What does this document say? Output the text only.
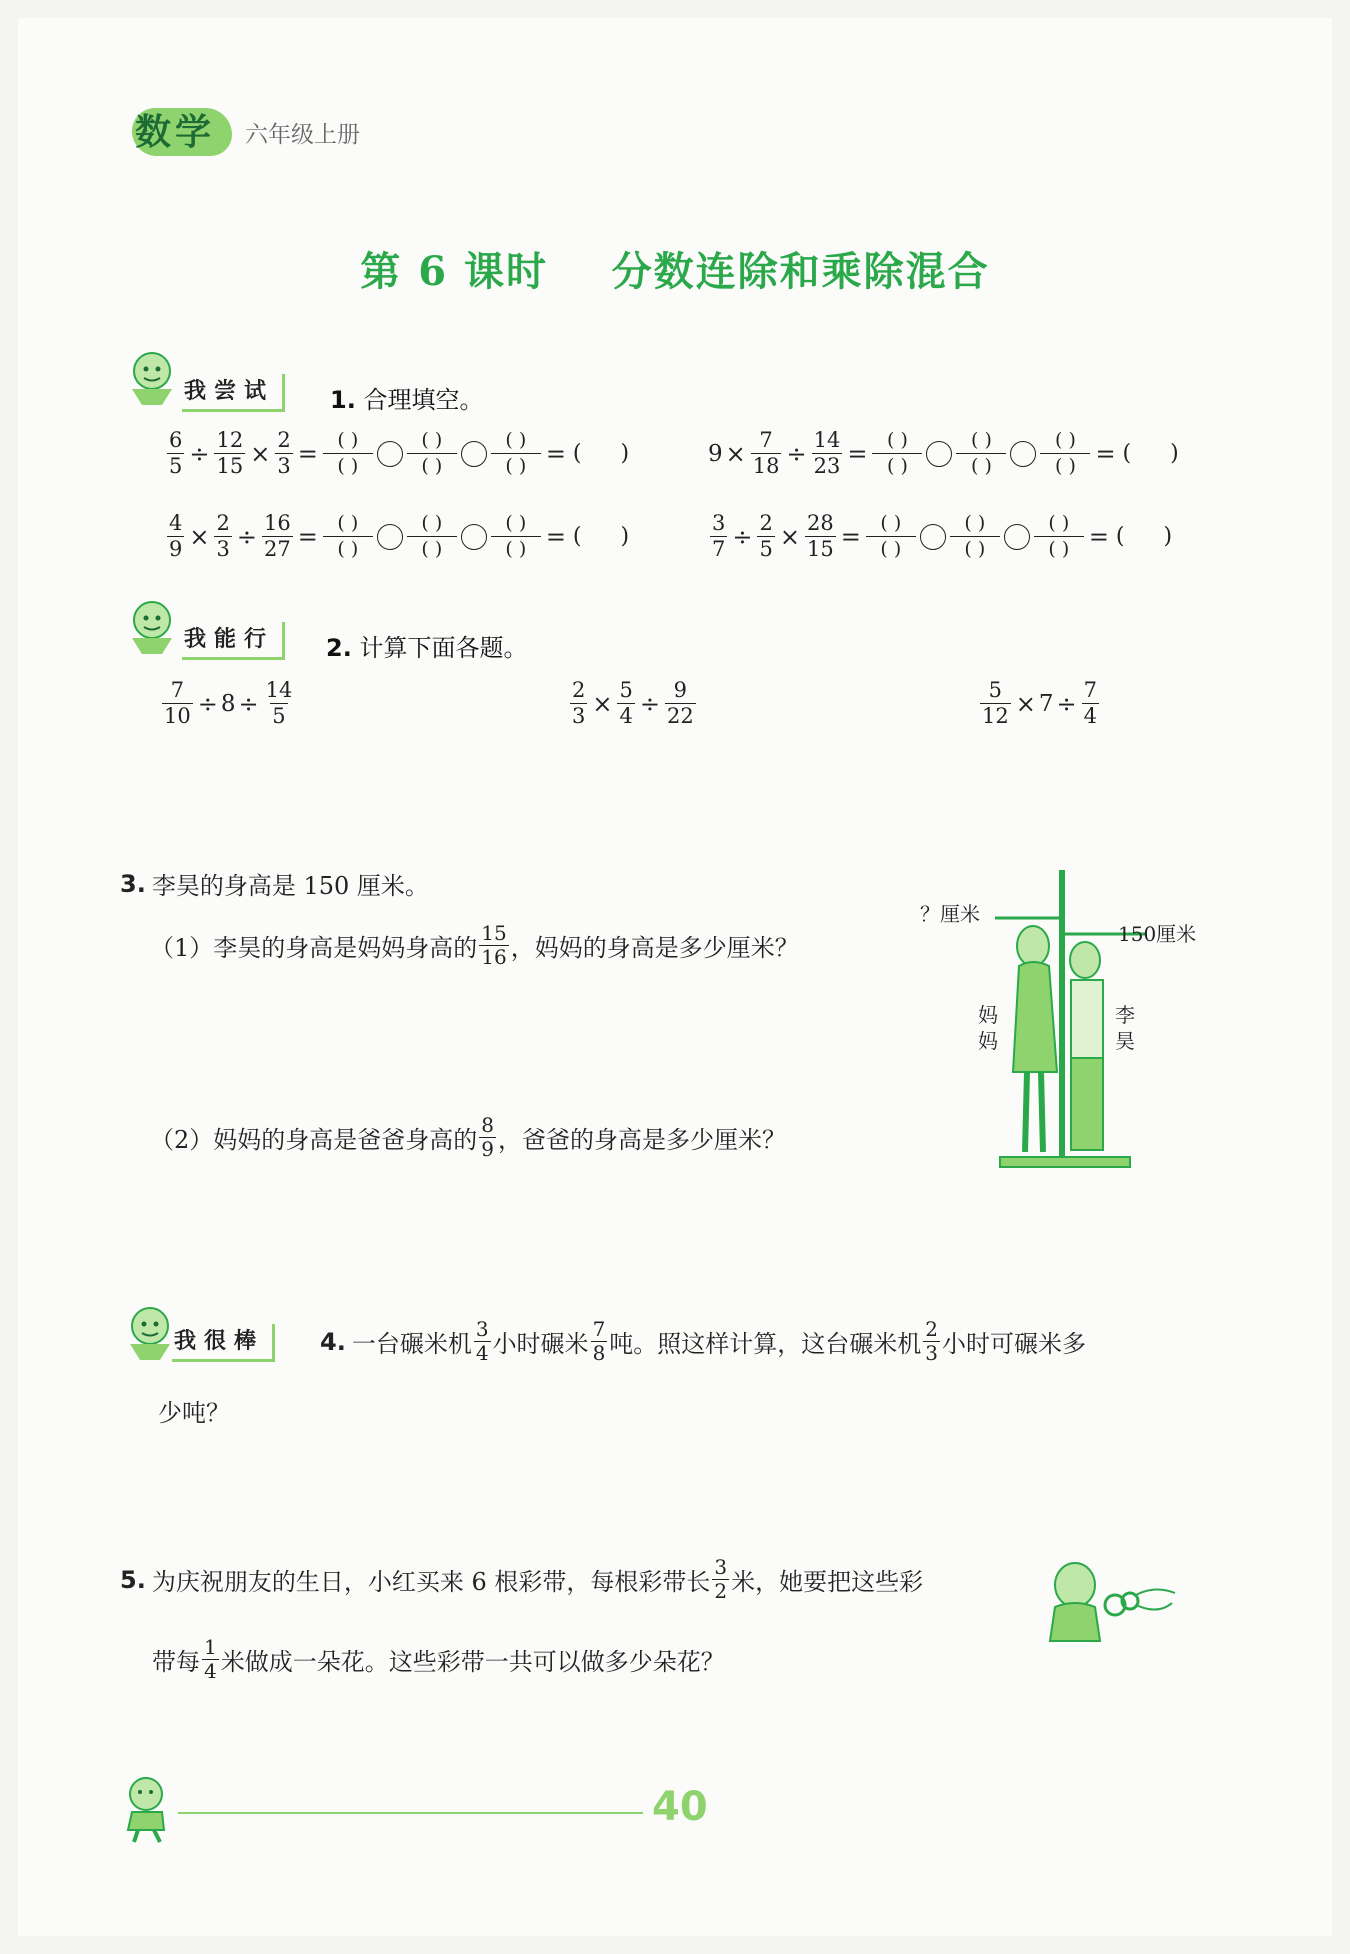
数学 六年级上册
第 6 课时    分数连除和乘除混合
我尝试	1. 合理填空。
$\frac{6}{5} \div \frac{12}{15} \times \frac{2}{3}$ =	( )
( )
( )
( )
( )
( ) = ( )	$9 \times \frac{7}{18} \div \frac{14}{23}$ =	( )
( )
( )
( )
( )
( ) = ( )
$\frac{4}{9} \times \frac{2}{3} \div \frac{16}{27}$ =	( )
( )
( )
( )
( )
( ) = ( )	$\frac{3}{7} \div \frac{2}{5} \times \frac{28}{15}$ =	( )
( )
( )
( )
( )
( ) = ( )
我能行	2. 计算下面各题。
$\frac{7}{10} \div 8 \div \frac{14}{5}$	$\frac{2}{3} \times \frac{5}{4} \div \frac{9}{22}$	$\frac{5}{12} \times 7 \div \frac{7}{4}$
3. 李昊的身高是 150 厘米。
（1）李昊的身高是妈妈身高的 $\frac{15}{16}$ ，妈妈的身高是多少厘米？
（2）妈妈的身高是爸爸身高的 $\frac{8}{9}$ ，爸爸的身高是多少厘米？
？厘米
150厘米
妈妈
李昊
我很棒	4. 一台碾米机 $\frac{3}{4}$ 小时碾米 $\frac{7}{8}$ 吨。照这样计算，这台碾米机 $\frac{2}{3}$ 小时可碾米多
少吨？
5. 为庆祝朋友的生日，小红买来 6 根彩带，每根彩带长 $\frac{3}{2}$ 米，她要把这些彩
带每 $\frac{1}{4}$ 米做成一朵花。这些彩带一共可以做多少朵花？
40
